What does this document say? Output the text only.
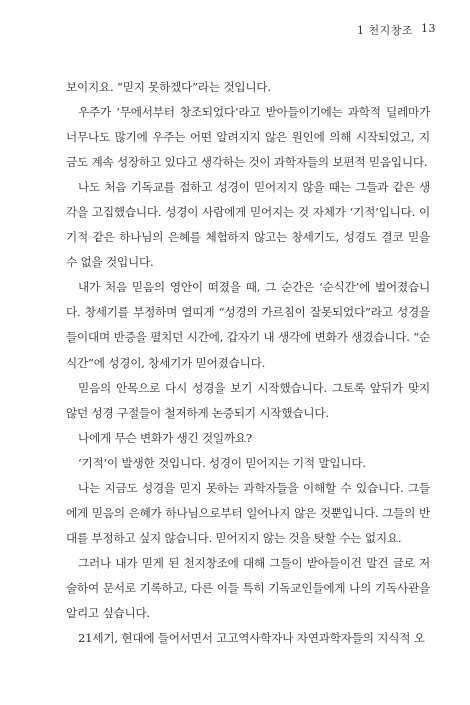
1 천지창조 13

보이지요. “믿지 못하겠다”라는 것입니다.

우주가 ‘무에서부터 창조되었다’라고 받아들이기에는 과학적 딜레마가 너무나도 많기에 우주는 어떤 알려지지 않은 원인에 의해 시작되었고, 지금도 계속 성장하고 있다고 생각하는 것이 과학자들의 보편적 믿음입니다.

나도 처음 기독교를 접하고 성경이 믿어지지 않을 때는 그들과 같은 생각을 고집했습니다. 성경이 사람에게 믿어지는 것 자체가 ‘기적’입니다. 이 기적 같은 하나님의 은혜를 체험하지 않고는 창세기도, 성경도 결코 믿을 수 없을 것입니다.

내가 처음 믿음의 영안이 떠졌을 때, 그 순간은 ‘순식간’에 벌어졌습니다. 창세기를 부정하며 열띠게 “성경의 가르침이 잘못되었다”라고 성경을 들이대며 반증을 펼치던 시간에, 갑자기 내 생각에 변화가 생겼습니다. “순식간”에 성경이, 창세기가 믿어졌습니다.

믿음의 안목으로 다시 성경을 보기 시작했습니다. 그토록 앞뒤가 맞지 않던 성경 구절들이 철저하게 논증되기 시작했습니다.

나에게 무슨 변화가 생긴 것일까요?

‘기적’이 발생한 것입니다. 성경이 믿어지는 기적 말입니다.

나는 지금도 성경을 믿지 못하는 과학자들을 이해할 수 있습니다. 그들에게 믿음의 은혜가 하나님으로부터 일어나지 않은 것뿐입니다. 그들의 반대를 부정하고 싶지 않습니다. 믿어지지 않는 것을 탓할 수는 없지요.

그러나 내가 믿게 된 천지창조에 대해 그들이 받아들이건 말건 글로 저술하여 문서로 기록하고, 다른 이들 특히 기독교인들에게 나의 기독사관을 알리고 싶습니다.

21세기, 현대에 들어서면서 고고역사학자나 자연과학자들의 지식적 오
